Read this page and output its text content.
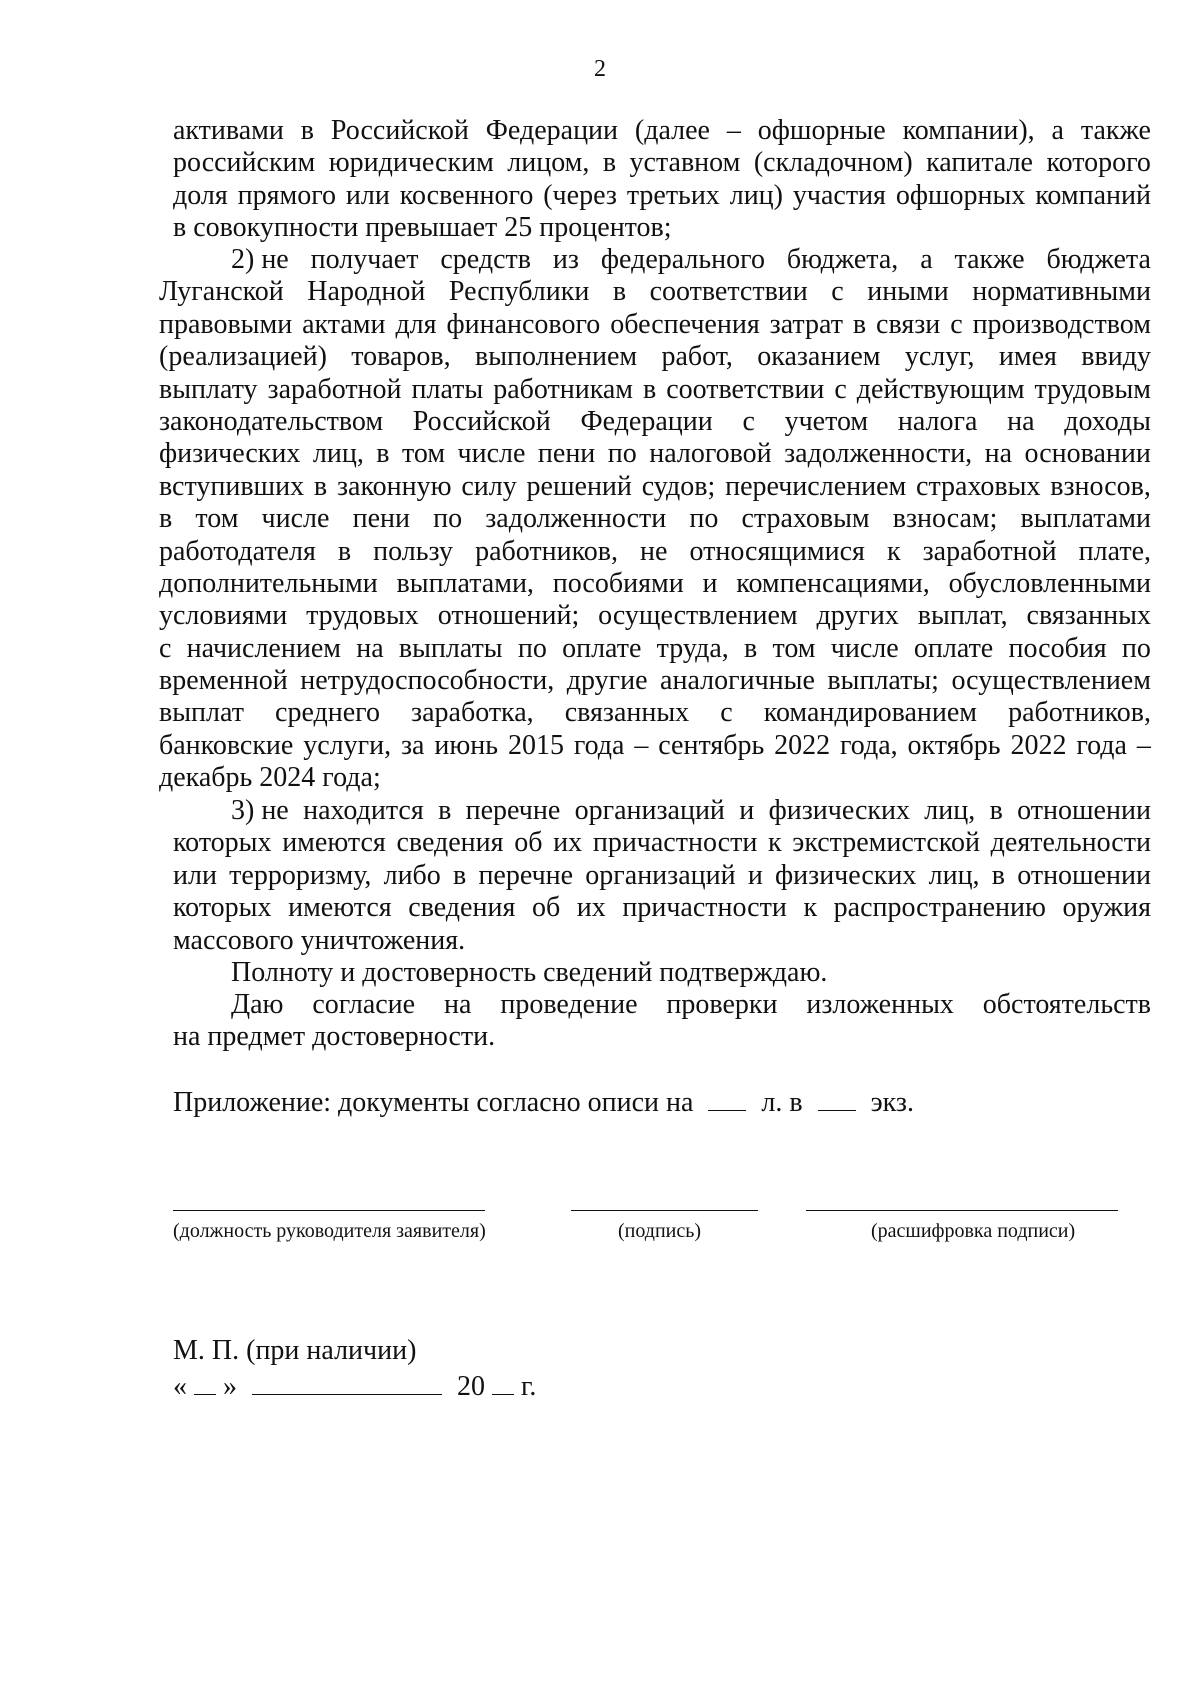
2
активами в Российской Федерации (далее – офшорные компании), а также
российским юридическим лицом, в уставном (складочном) капитале которого
доля прямого или косвенного (через третьих лиц) участия офшорных компаний
в совокупности превышает 25 процентов;
2) не получает средств из федерального бюджета, а также бюджета
Луганской Народной Республики в соответствии с иными нормативными
правовыми актами для финансового обеспечения затрат в связи с производством
(реализацией) товаров, выполнением работ, оказанием услуг, имея ввиду
выплату заработной платы работникам в соответствии с действующим трудовым
законодательством Российской Федерации с учетом налога на доходы
физических лиц, в том числе пени по налоговой задолженности, на основании
вступивших в законную силу решений судов; перечислением страховых взносов,
в том числе пени по задолженности по страховым взносам; выплатами
работодателя в пользу работников, не относящимися к заработной плате,
дополнительными выплатами, пособиями и компенсациями, обусловленными
условиями трудовых отношений; осуществлением других выплат, связанных
с начислением на выплаты по оплате труда, в том числе оплате пособия по
временной нетрудоспособности, другие аналогичные выплаты; осуществлением
выплат среднего заработка, связанных с командированием работников,
банковские услуги, за июнь 2015 года – сентябрь 2022 года, октябрь 2022 года –
декабрь 2024 года;
3) не находится в перечне организаций и физических лиц, в отношении
которых имеются сведения об их причастности к экстремистской деятельности
или терроризму, либо в перечне организаций и физических лиц, в отношении
которых имеются сведения об их причастности к распространению оружия
массового уничтожения.
Полноту и достоверность сведений подтверждаю.
Даю согласие на проведение проверки изложенных обстоятельств
на предмет достоверности.
Приложение: документы согласно описи на л. в экз.
(должность руководителя заявителя)	(подпись)	(расшифровка подписи)
М. П. (при наличии)
« »	20 г.
